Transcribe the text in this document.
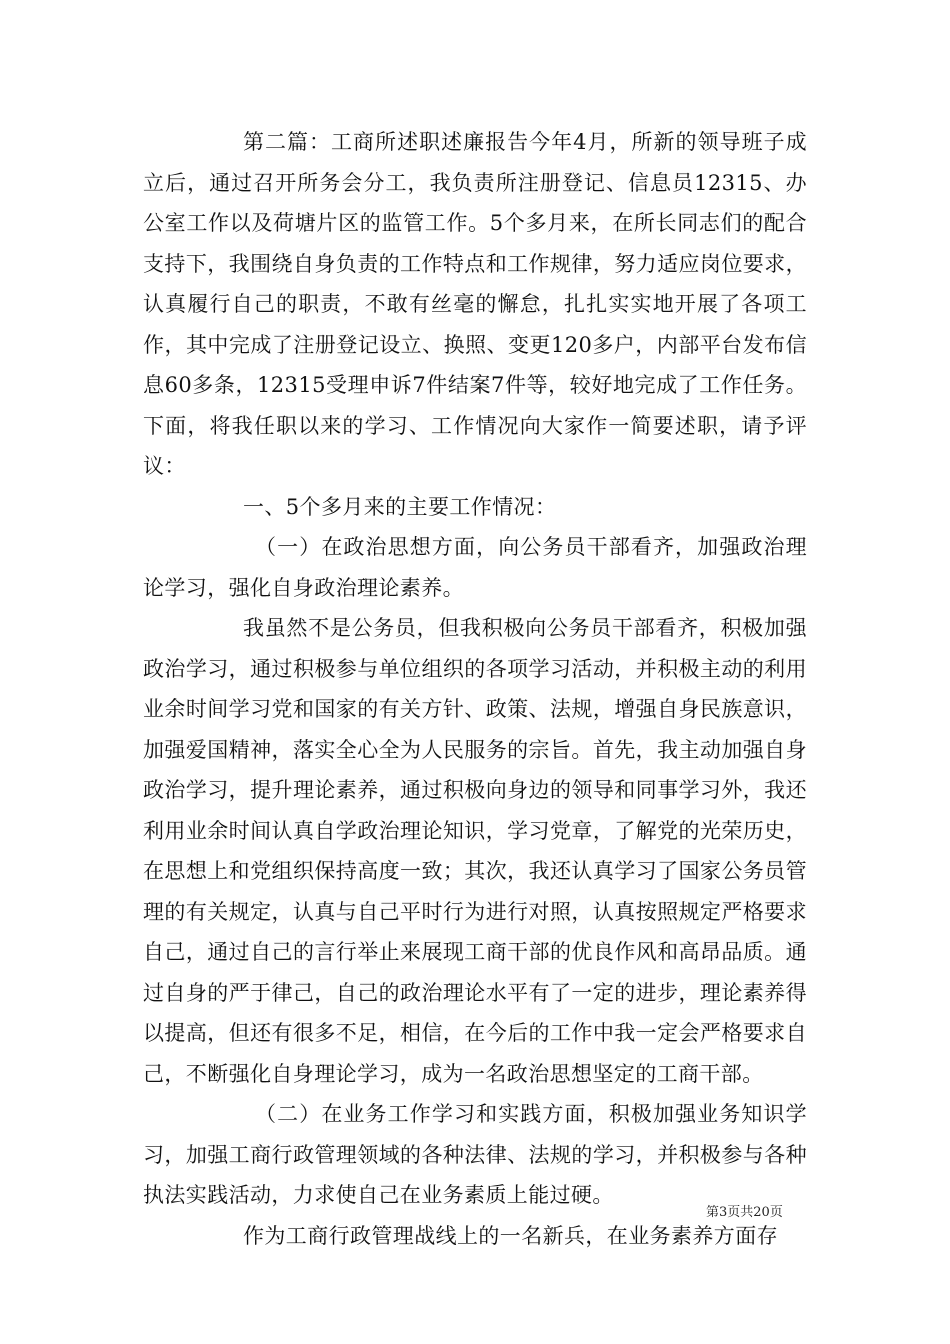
第二篇：工商所述职述廉报告今年4月，所新的领导班子成立后，通过召开所务会分工，我负责所注册登记、信息员12315、办公室工作以及荷塘片区的监管工作。5个多月来，在所长同志们的配合支持下，我围绕自身负责的工作特点和工作规律，努力适应岗位要求，认真履行自己的职责，不敢有丝毫的懈怠，扎扎实实地开展了各项工作，其中完成了注册登记设立、换照、变更120多户，内部平台发布信息60多条，12315受理申诉7件结案7件等，较好地完成了工作任务。下面，将我任职以来的学习、工作情况向大家作一简要述职，请予评议：

一、5个多月来的主要工作情况：

（一）在政治思想方面，向公务员干部看齐，加强政治理论学习，强化自身政治理论素养。

我虽然不是公务员，但我积极向公务员干部看齐，积极加强政治学习，通过积极参与单位组织的各项学习活动，并积极主动的利用业余时间学习党和国家的有关方针、政策、法规，增强自身民族意识，加强爱国精神，落实全心全为人民服务的宗旨。首先，我主动加强自身政治学习，提升理论素养，通过积极向身边的领导和同事学习外，我还利用业余时间认真自学政治理论知识，学习党章，了解党的光荣历史，在思想上和党组织保持高度一致；其次，我还认真学习了国家公务员管理的有关规定，认真与自己平时行为进行对照，认真按照规定严格要求自己，通过自己的言行举止来展现工商干部的优良作风和高昂品质。通过自身的严于律己，自己的政治理论水平有了一定的进步，理论素养得以提高，但还有很多不足，相信，在今后的工作中我一定会严格要求自己，不断强化自身理论学习，成为一名政治思想坚定的工商干部。

（二）在业务工作学习和实践方面，积极加强业务知识学习，加强工商行政管理领域的各种法律、法规的学习，并积极参与各种执法实践活动，力求使自己在业务素质上能过硬。

作为工商行政管理战线上的一名新兵，在业务素养方面存

第3页共20页
